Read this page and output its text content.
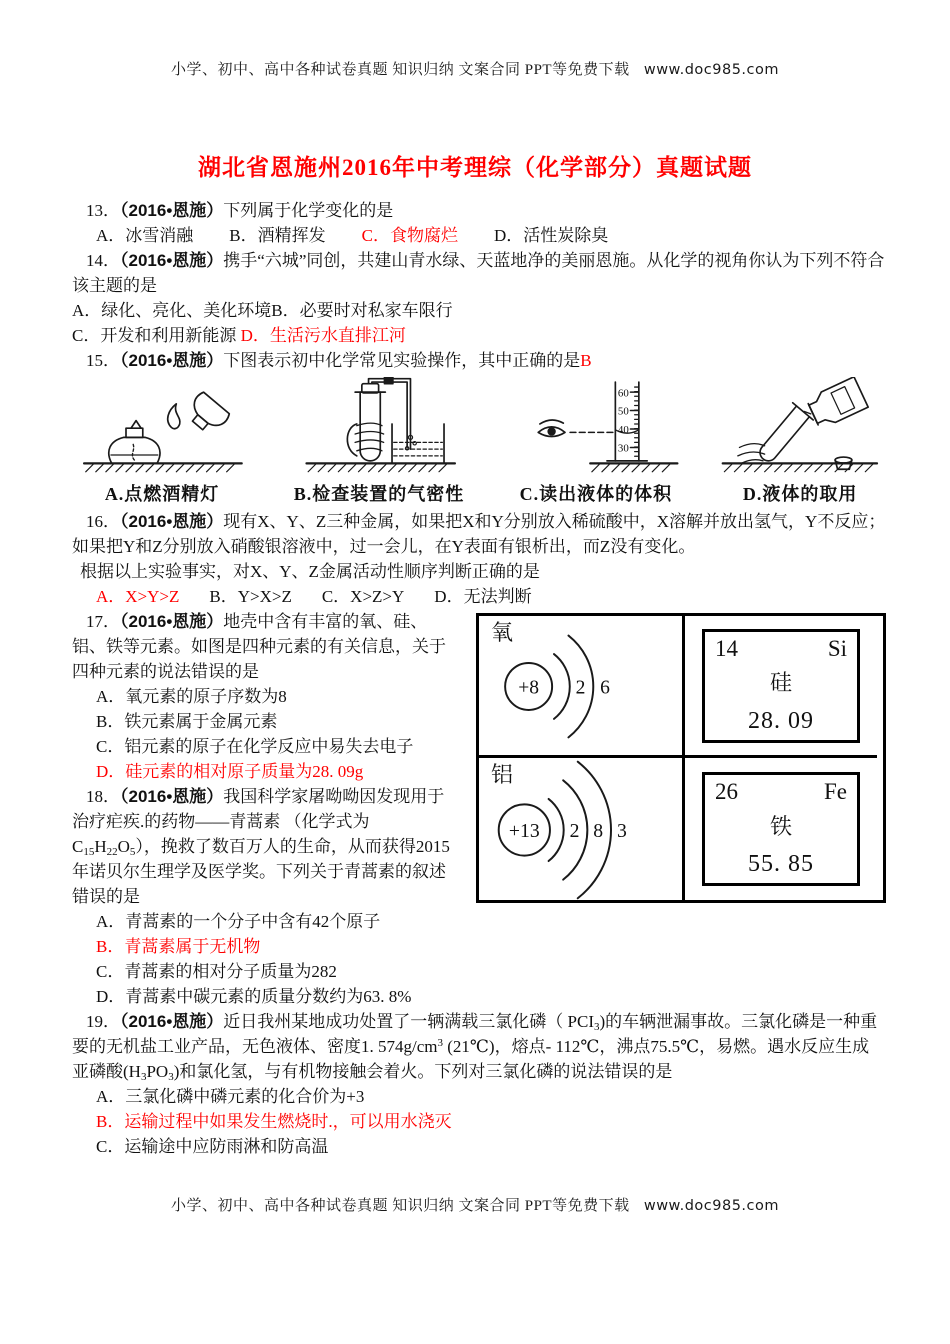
小学、初中、高中各种试卷真题 知识归纳 文案合同 PPT等免费下载 www.doc985.com
湖北省恩施州2016年中考理综（化学部分）真题试题

13．（2016•恩施）下列属于化学变化的是

A．冰雪消融 B．酒精挥发 C．食物腐烂 D．活性炭除臭

14．（2016•恩施）携手“六城”同创，共建山青水绿、天蓝地净的美丽恩施。从化学的视角你认为下列不符合该主题的是

A．绿化、亮化、美化环境B．必要时对私家车限行

C．开发和利用新能源 D．生活污水直排江河

15．（2016•恩施）下图表示初中化学常见实验操作，其中正确的是B

A.点燃酒精灯	B.检查装置的气密性
60
50
40
30
C.读出液体的体积	D.液体的取用

16．（2016•恩施）现有X、Y、Z三种金属，如果把X和Y分别放入稀硫酸中，X溶解并放出氢气，Y不反应； 如果把Y和Z分别放入硝酸银溶液中，过一会儿，在Y表面有银析出，而Z没有变化。

根据以上实验事实，对X、Y、Z金属活动性顺序判断正确的是

A．X>Y>Z B．Y>X>Z C．X>Z>Y D．无法判断

+8 2 6
氧
14	Si
硅
28. 09
+13 2 8 3
铝
26	Fe
铁
55. 85

17．（2016•恩施）地壳中含有丰富的氧、硅、铝、铁等元素。如图是四种元素的有关信息，关于四种元素的说法错误的是

A．氧元素的原子序数为8

B．铁元素属于金属元素

C．铝元素的原子在化学反应中易失去电子

D．硅元素的相对原子质量为28. 09g

18．（2016•恩施）我国科学家屠呦呦因发现用于治疗疟疾.的药物——青蒿素 （化学式为$C_{15}H_{22}O_5$），挽救了数百万人的生命，从而获得2015年诺贝尔生理学及医学奖。下列关于青蒿素的叙述错误的是

A．青蒿素的一个分子中含有42个原子

B．青蒿素属于无机物

C．青蒿素的相对分子质量为282

D．青蒿素中碳元素的质量分数约为63. 8%

19．（2016•恩施）近日我州某地成功处置了一辆满载三氯化磷（ $PCI_3$)的车辆泄漏事故。三氯化磷是一种重要的无机盐工业产品，无色液体、密度1. $574g/cm^3$ (21℃)，熔点- 112℃，沸点75.5℃，易燃。遇水反应生成亚磷酸$(H_3PO_3)$和氯化氢，与有机物接触会着火。下列对三氯化磷的说法错误的是

A．三氯化磷中磷元素的化合价为+3

B．运输过程中如果发生燃烧时.，可以用水浇灭

C．运输途中应防雨淋和防高温

小学、初中、高中各种试卷真题 知识归纳 文案合同 PPT等免费下载 www.doc985.com
